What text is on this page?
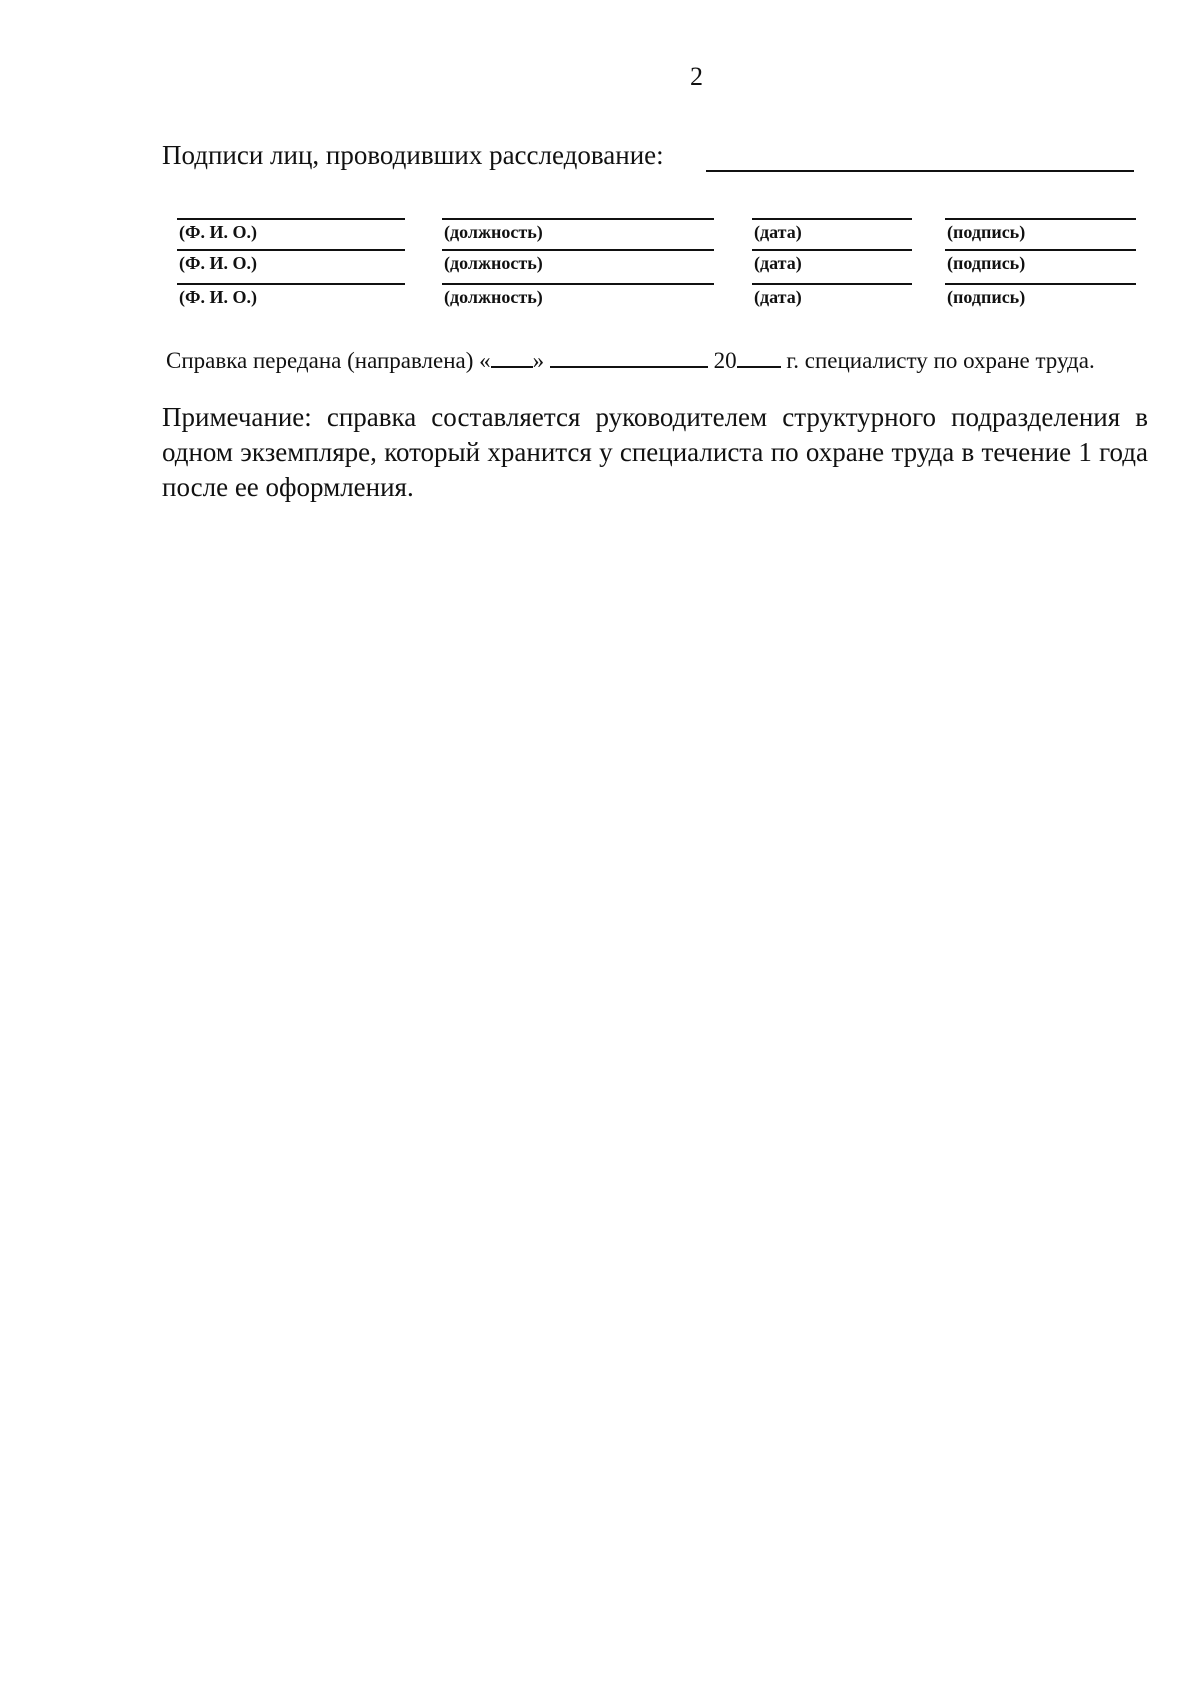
2
Подписи лиц, проводивших расследование:
(Ф. И. О.)	(должность)	(дата)	(подпись)
(Ф. И. О.)	(должность)	(дата)	(подпись)
(Ф. И. О.)	(должность)	(дата)	(подпись)
Справка передана (направлена) « »	20 г. специалисту по охране труда.
Примечание: справка составляется руководителем структурного подразделения в одном экземпляре, который хранится у специалиста по охране труда в течение 1 года после ее оформления.
